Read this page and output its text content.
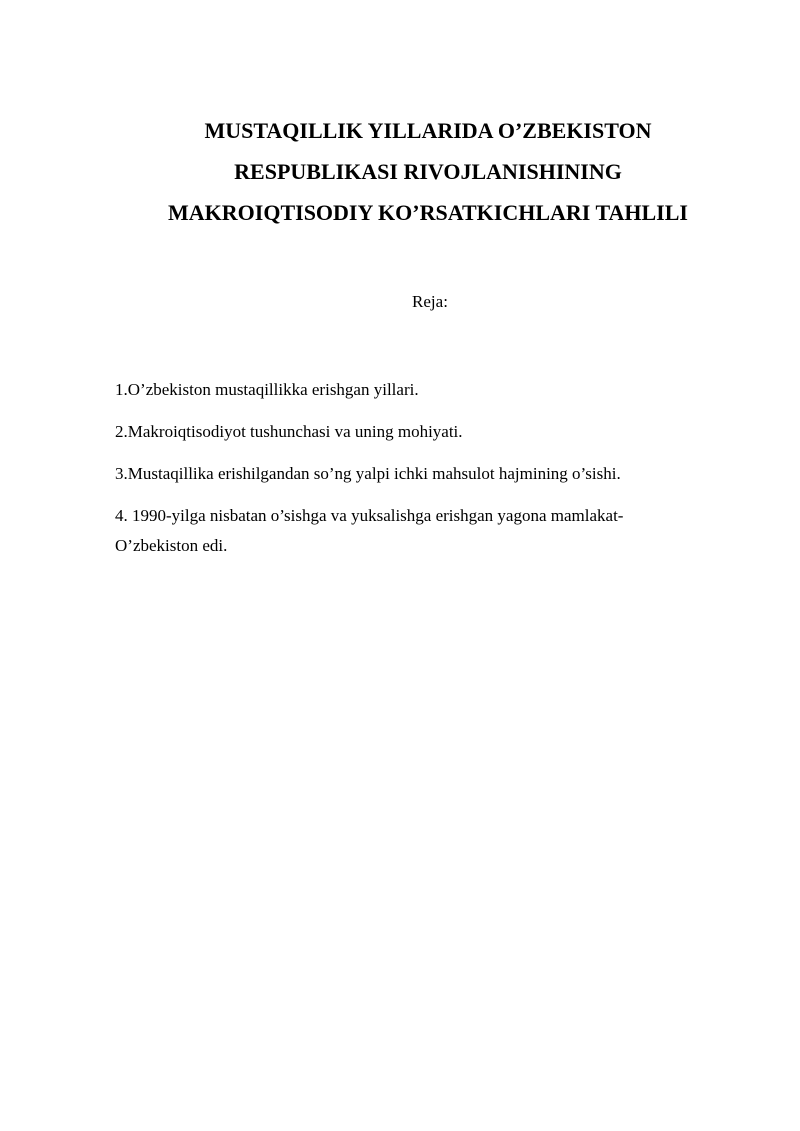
MUSTAQILLIK YILLARIDA O’ZBEKISTON
RESPUBLIKASI RIVOJLANISHINING
MAKROIQTISODIY KO’RSATKICHLARI TAHLILI
Reja:
1.O’zbekiston mustaqillikka erishgan yillari.
2.Makroiqtisodiyot tushunchasi va uning mohiyati.
3.Mustaqillika erishilgandan so’ng yalpi ichki mahsulot hajmining o’sishi.
4. 1990-yilga nisbatan o’sishga va yuksalishga erishgan yagona mamlakat-
O’zbekiston edi.
